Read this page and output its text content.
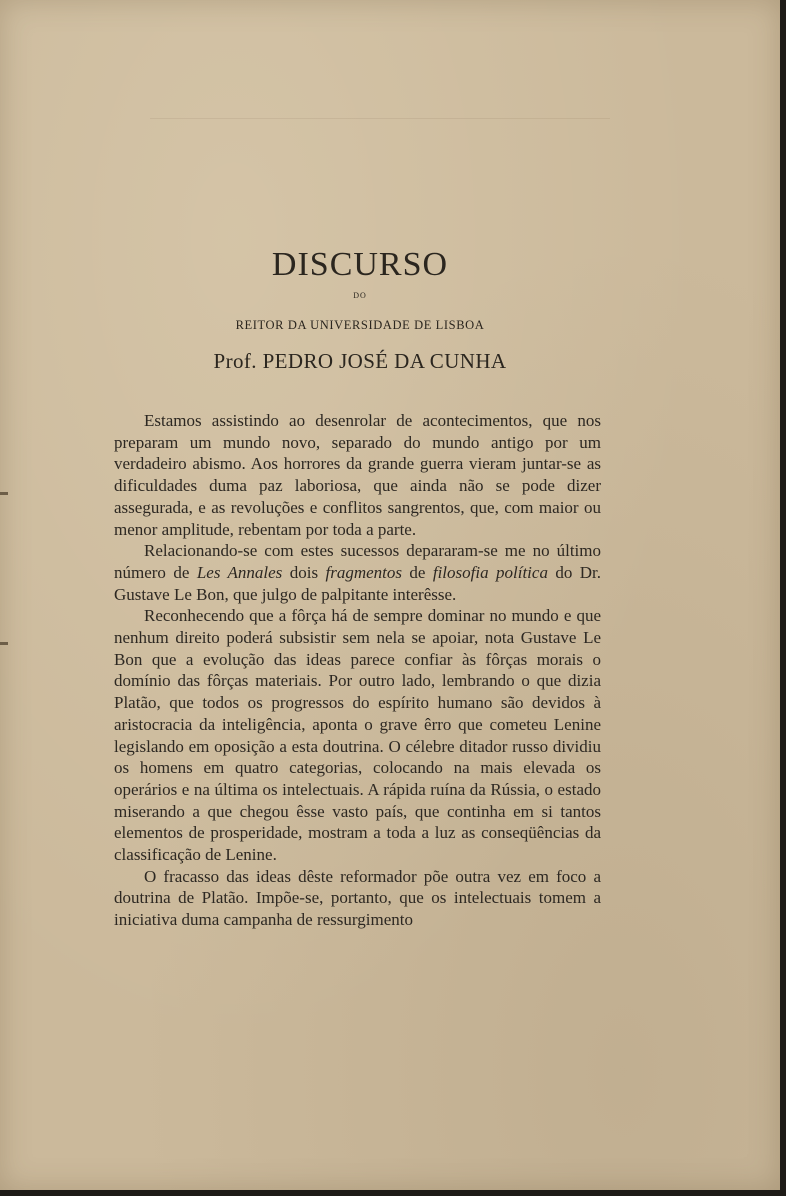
DISCURSO
DO
REITOR DA UNIVERSIDADE DE LISBOA
Prof. PEDRO JOSÉ DA CUNHA

Estamos assistindo ao desenrolar de acontecimentos, que nos preparam um mundo novo, separado do mundo antigo por um verdadeiro abismo. Aos horrores da grande guerra vieram juntar-se as dificuldades duma paz laboriosa, que ainda não se pode dizer assegurada, e as revoluções e conflitos sangrentos, que, com maior ou menor amplitude, rebentam por toda a parte.

Relacionando-se com estes sucessos depararam-se me no último número de Les Annales dois fragmentos de filosofia política do Dr. Gustave Le Bon, que julgo de palpitante interêsse.

Reconhecendo que a fôrça há de sempre dominar no mundo e que nenhum direito poderá subsistir sem nela se apoiar, nota Gustave Le Bon que a evolução das ideas parece confiar às fôrças morais o domínio das fôrças materiais. Por outro lado, lembrando o que dizia Platão, que todos os progressos do espírito humano são devidos à aristocracia da inteligência, aponta o grave êrro que cometeu Lenine legislando em oposição a esta doutrina. O célebre ditador russo dividiu os homens em quatro categorias, colocando na mais elevada os operários e na última os intelectuais. A rápida ruína da Rússia, o estado miserando a que chegou êsse vasto país, que continha em si tantos elementos de prosperidade, mostram a toda a luz as conseqüências da classificação de Lenine.

O fracasso das ideas dêste reformador põe outra vez em foco a doutrina de Platão. Impõe-se, portanto, que os intelectuais tomem a iniciativa duma campanha de ressurgimento
